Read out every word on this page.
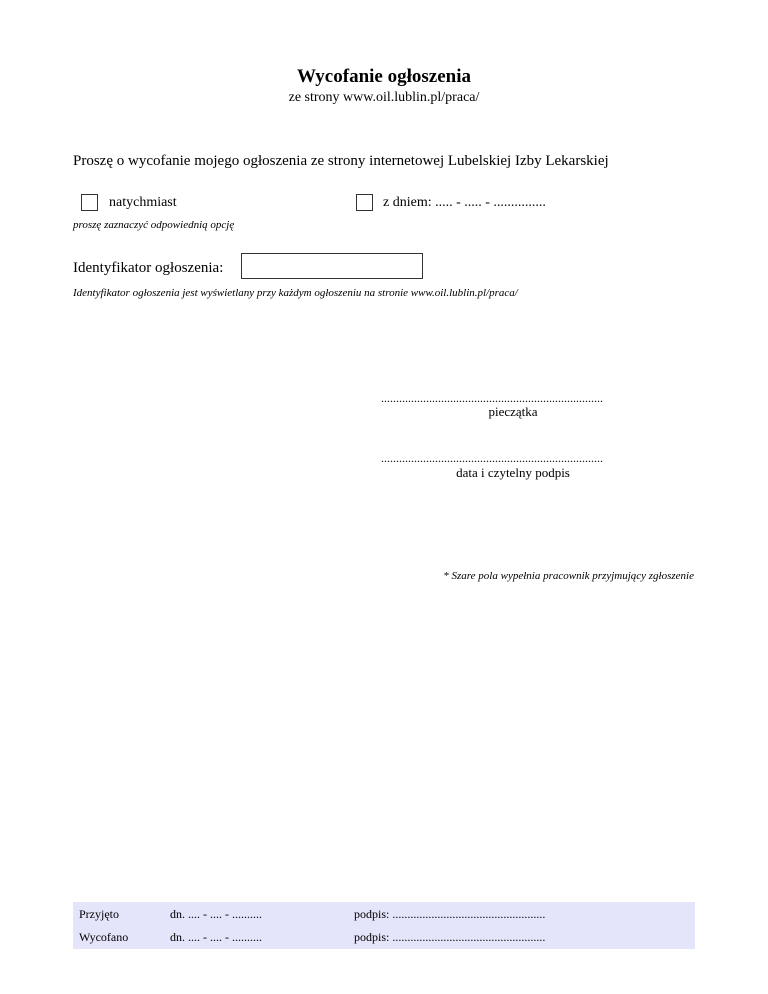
Wycofanie ogłoszenia
ze strony www.oil.lublin.pl/praca/
Proszę o wycofanie mojego ogłoszenia ze strony internetowej Lubelskiej Izby Lekarskiej
natychmiast	z dniem: ..... - ..... - ...............
proszę zaznaczyć odpowiednią opcję
Identyfikator ogłoszenia:
Identyfikator ogłoszenia jest wyświetlany przy każdym ogłoszeniu na stronie www.oil.lublin.pl/praca/
..........................................................................
pieczątka
..........................................................................
data i czytelny podpis
* Szare pola wypełnia pracownik przyjmujący zgłoszenie
Przyjęto	dn. .... - .... - ..........	podpis: ...................................................
Wycofano	dn. .... - .... - ..........	podpis: ...................................................
